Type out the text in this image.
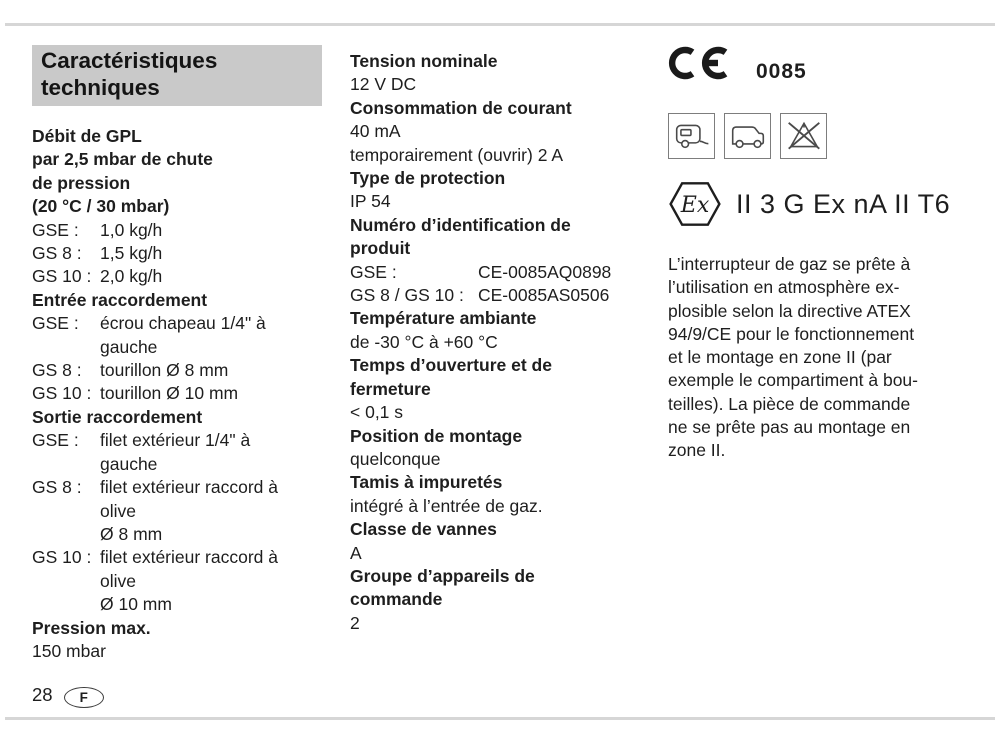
Caractéristiques
techniques
Débit de GPL
par 2,5 mbar de chute
de pression
(20 °C / 30 mbar)
GSE :	1,0 kg/h
GS 8 :	1,5 kg/h
GS 10 : 2,0 kg/h
Entrée raccordement
GSE :	écrou chapeau 1/4" à
gauche
GS 8 :	tourillon Ø 8 mm
GS 10 : tourillon Ø 10 mm
Sortie raccordement
GSE :	filet extérieur 1/4" à
gauche
GS 8 :	filet extérieur raccord à
olive
Ø 8 mm
GS 10 : filet extérieur raccord à
olive
Ø 10 mm
Pression max.
150 mbar
Tension nominale
12 V DC
Consommation de courant
40 mA
temporairement (ouvrir) 2 A
Type de protection
IP 54
Numéro d’identification de
produit
GSE :	CE-0085AQ0898
GS 8 / GS 10 : CE-0085AS0506
Température ambiante
de -30 °C à +60 °C
Temps d’ouverture et de
fermeture
< 0,1 s
Position de montage
quelconque
Tamis à impuretés
intégré à l’entrée de gaz.
Classe de vannes
A
Groupe d’appareils de
commande
2
0085
Ex II 3 G Ex nA II T6
L’interrupteur de gaz se prête à
l’utilisation en atmosphère ex-
plosible selon la directive ATEX
94/9/CE pour le fonctionnement
et le montage en zone II (par
exemple le compartiment à bou-
teilles). La pièce de commande
ne se prête pas au montage en
zone II.
28 F
